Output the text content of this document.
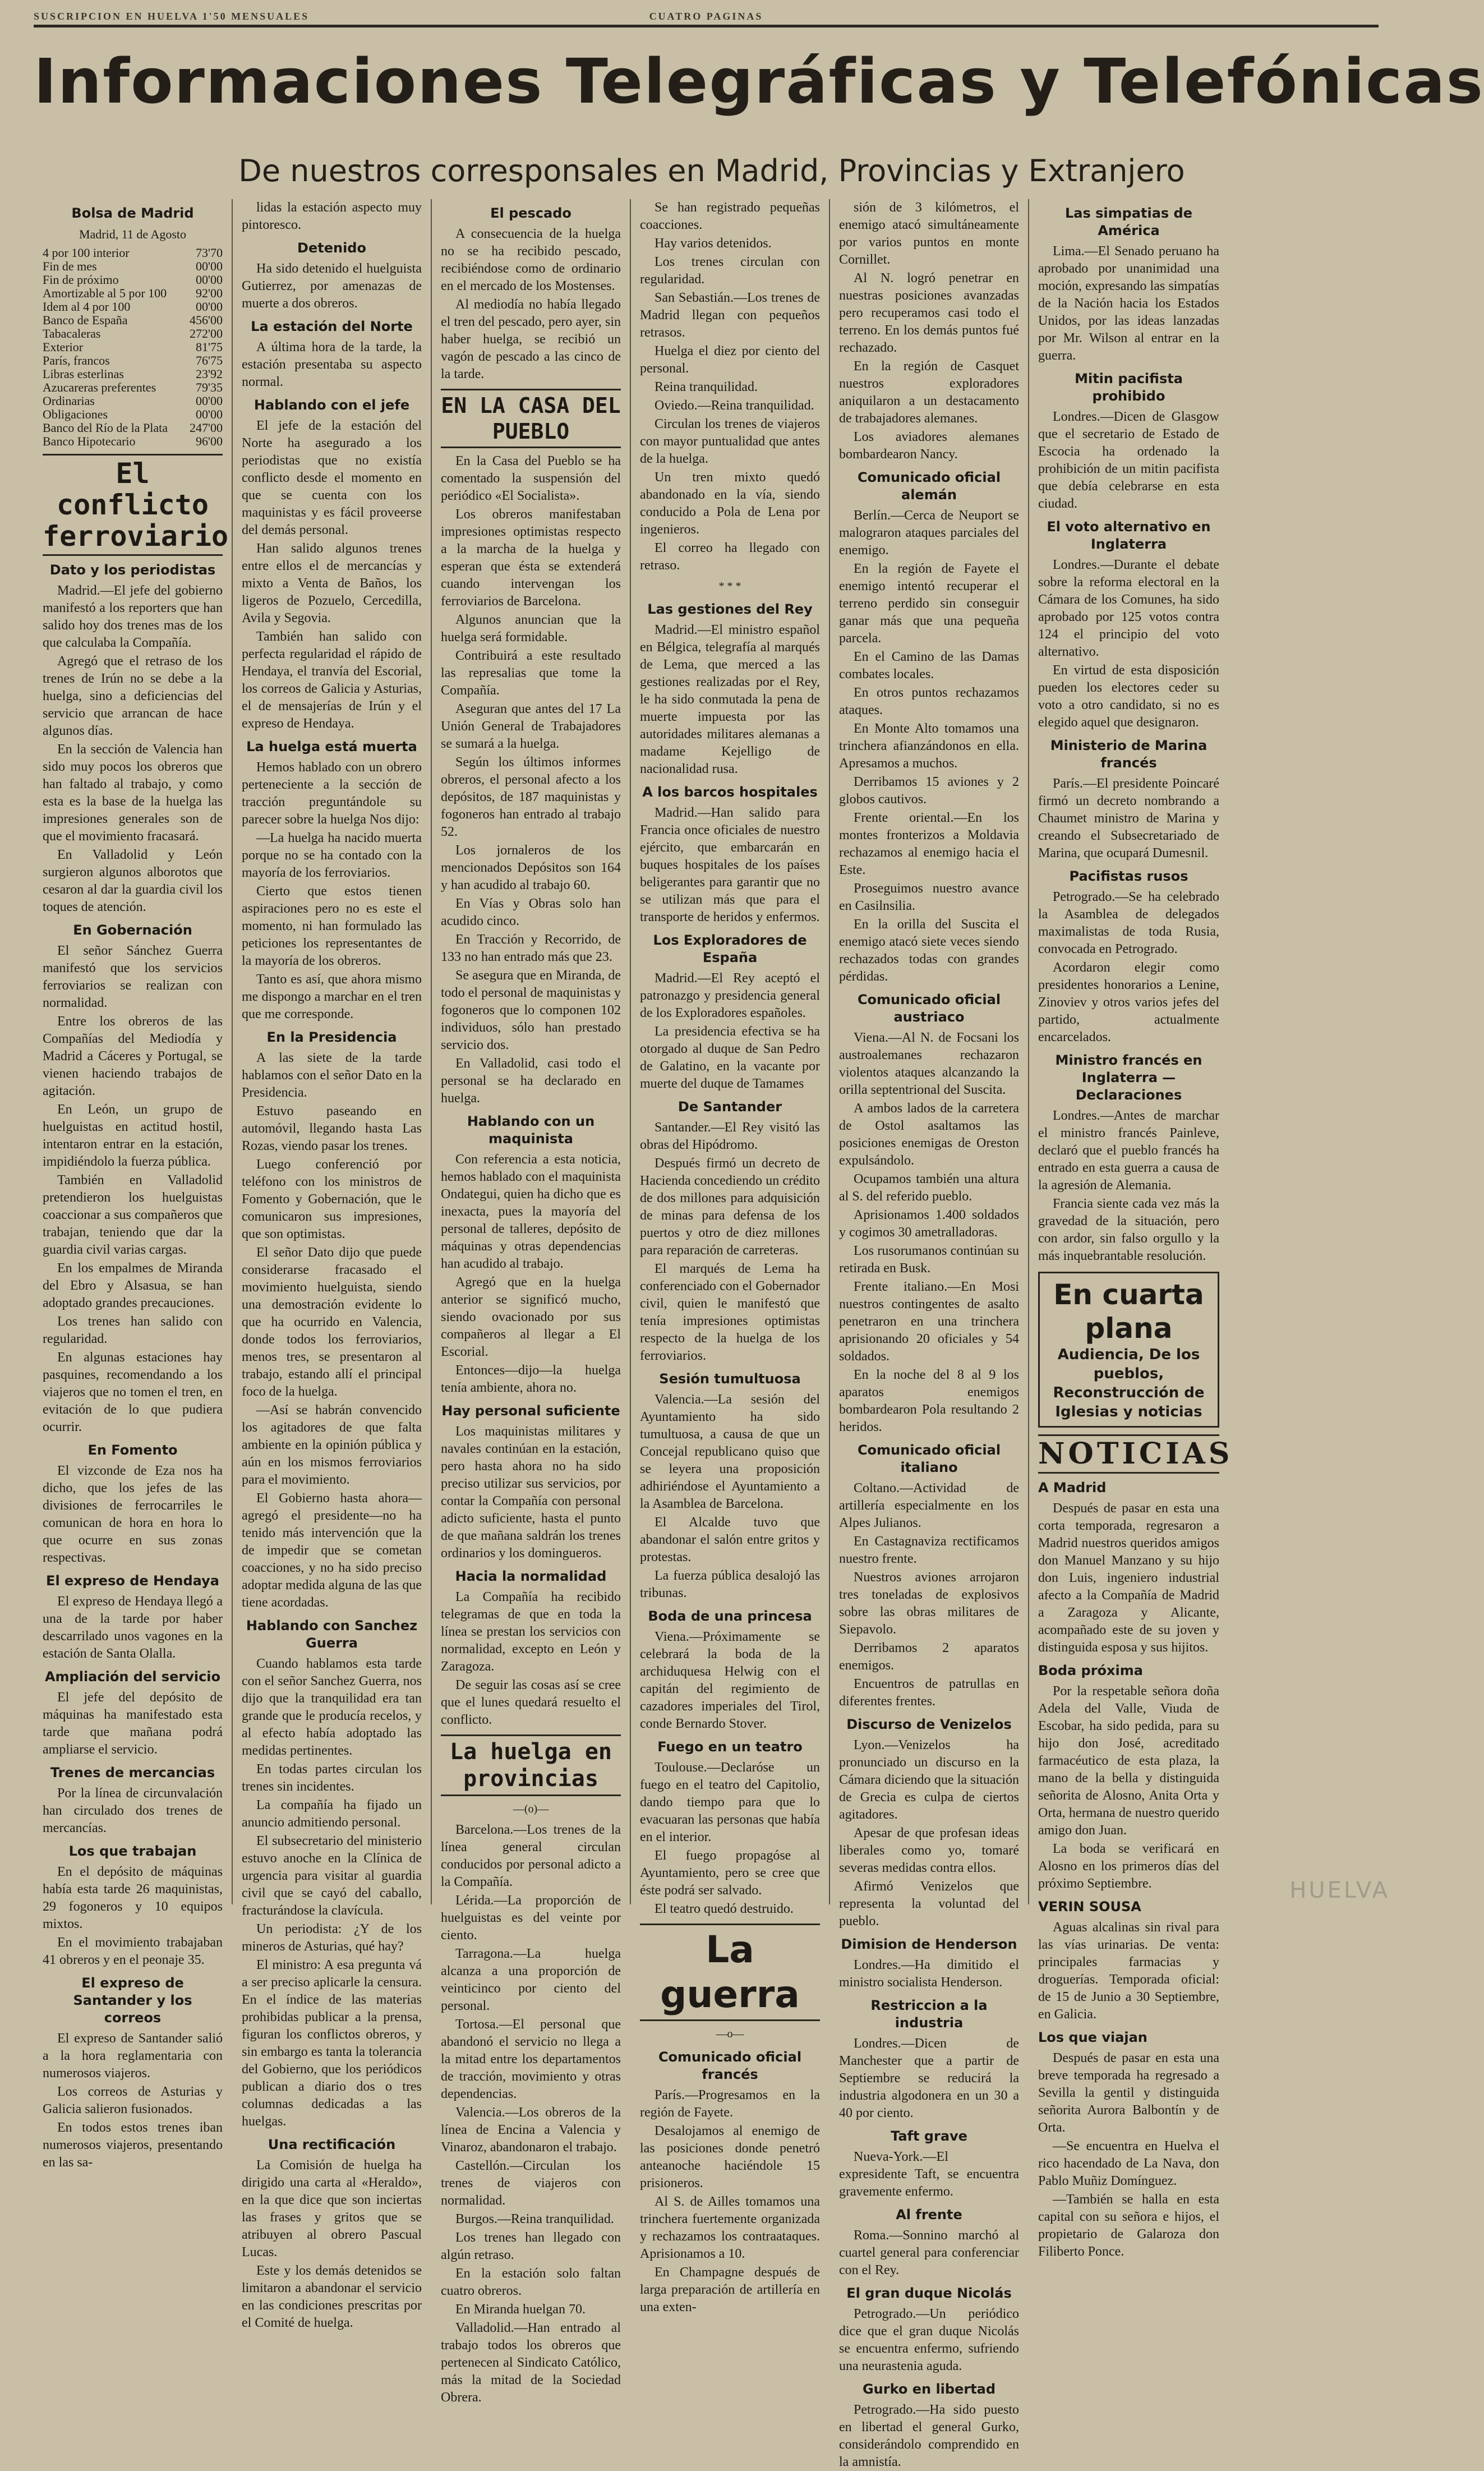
SUSCRIPCION EN HUELVA 1'50 MENSUALES	CUATRO PAGINAS
Informaciones Telegráficas y Telefónicas
De nuestros corresponsales en Madrid, Provincias y Extranjero
Bolsa de Madrid
Madrid, 11 de Agosto
4 por 100 interior	73'70
Fin de mes	00'00
Fin de próximo	00'00
Amortizable al 5 por 100	92'00
Idem al 4 por 100	00'00
Banco de España	456'00
Tabacaleras	272'00
Exterior	81'75
París, francos	76'75
Libras esterlinas	23'92
Azucareras preferentes	79'35
Ordinarias	00'00
Obligaciones	00'00
Banco del Río de la Plata	247'00
Banco Hipotecario	96'00
El conflicto ferroviario
Dato y los periodistas

Madrid.—El jefe del gobierno manifestó a los reporters que han salido hoy dos trenes mas de los que calculaba la Compañía.

Agregó que el retraso de los trenes de Irún no se debe a la huelga, sino a deficiencias del servicio que arrancan de hace algunos días.

En la sección de Valencia han sido muy pocos los obreros que han faltado al trabajo, y como esta es la base de la huelga las impresiones generales son de que el movimiento fracasará.

En Valladolid y León surgieron algunos alborotos que cesaron al dar la guardia civil los toques de atención.

En Gobernación

El señor Sánchez Guerra manifestó que los servicios ferroviarios se realizan con normalidad.

Entre los obreros de las Compañías del Mediodía y Madrid a Cáceres y Portugal, se vienen haciendo trabajos de agitación.

En León, un grupo de huelguistas en actitud hostil, intentaron entrar en la estación, impidiéndolo la fuerza pública.

También en Valladolid pretendieron los huelguistas coaccionar a sus compañeros que trabajan, teniendo que dar la guardia civil varias cargas.

En los empalmes de Miranda del Ebro y Alsasua, se han adoptado grandes precauciones.

Los trenes han salido con regularidad.

En algunas estaciones hay pasquines, recomendando a los viajeros que no tomen el tren, en evitación de lo que pudiera ocurrir.

En Fomento

El vizconde de Eza nos ha dicho, que los jefes de las divisiones de ferrocarriles le comunican de hora en hora lo que ocurre en sus zonas respectivas.

El expreso de Hendaya

El expreso de Hendaya llegó a una de la tarde por haber descarrilado unos vagones en la estación de Santa Olalla.

Ampliación del servicio

El jefe del depósito de máquinas ha manifestado esta tarde que mañana podrá ampliarse el servicio.

Trenes de mercancias

Por la línea de circunvalación han circulado dos trenes de mercancías.

Los que trabajan

En el depósito de máquinas había esta tarde 26 maquinistas, 29 fogoneros y 10 equipos mixtos.

En el movimiento trabajaban 41 obreros y en el peonaje 35.

El expreso de Santander y los correos

El expreso de Santander salió a la hora reglamentaria con numerosos viajeros.

Los correos de Asturias y Galicia salieron fusionados.

En todos estos trenes iban numerosos viajeros, presentando en las sa-

lidas la estación aspecto muy pintoresco.

Detenido

Ha sido detenido el huelguista Gutierrez, por amenazas de muerte a dos obreros.

La estación del Norte

A última hora de la tarde, la estación presentaba su aspecto normal.

Hablando con el jefe

El jefe de la estación del Norte ha asegurado a los periodistas que no existía conflicto desde el momento en que se cuenta con los maquinistas y es fácil proveerse del demás personal.

Han salido algunos trenes entre ellos el de mercancías y mixto a Venta de Baños, los ligeros de Pozuelo, Cercedilla, Avila y Segovia.

También han salido con perfecta regularidad el rápido de Hendaya, el tranvía del Escorial, los correos de Galicia y Asturias, el de mensajerías de Irún y el expreso de Hendaya.

La huelga está muerta

Hemos hablado con un obrero perteneciente a la sección de tracción preguntándole su parecer sobre la huelga Nos dijo:

—La huelga ha nacido muerta porque no se ha contado con la mayoría de los ferroviarios.

Cierto que estos tienen aspiraciones pero no es este el momento, ni han formulado las peticiones los representantes de la mayoría de los obreros.

Tanto es así, que ahora mismo me dispongo a marchar en el tren que me corresponde.

En la Presidencia

A las siete de la tarde hablamos con el señor Dato en la Presidencia.

Estuvo paseando en automóvil, llegando hasta Las Rozas, viendo pasar los trenes.

Luego conferenció por teléfono con los ministros de Fomento y Gobernación, que le comunicaron sus impresiones, que son optimistas.

El señor Dato dijo que puede considerarse fracasado el movimiento huelguista, siendo una demostración evidente lo que ha ocurrido en Valencia, donde todos los ferroviarios, menos tres, se presentaron al trabajo, estando allí el principal foco de la huelga.

—Así se habrán convencido los agitadores de que falta ambiente en la opinión pública y aún en los mismos ferroviarios para el movimiento.

El Gobierno hasta ahora—agregó el presidente—no ha tenido más intervención que la de impedir que se cometan coacciones, y no ha sido preciso adoptar medida alguna de las que tiene acordadas.

Hablando con Sanchez Guerra

Cuando hablamos esta tarde con el señor Sanchez Guerra, nos dijo que la tranquilidad era tan grande que le producía recelos, y al efecto había adoptado las medidas pertinentes.

En todas partes circulan los trenes sin incidentes.

La compañía ha fijado un anuncio admitiendo personal.

El subsecretario del ministerio estuvo anoche en la Clínica de urgencia para visitar al guardia civil que se cayó del caballo, fracturándose la clavícula.

Un periodista: ¿Y de los mineros de Asturias, qué hay?

El ministro: A esa pregunta vá a ser preciso aplicarle la censura. En el índice de las materias prohibidas publicar a la prensa, figuran los conflictos obreros, y sin embargo es tanta la tolerancia del Gobierno, que los periódicos publican a diario dos o tres columnas dedicadas a las huelgas.

Una rectificación

La Comisión de huelga ha dirigido una carta al «Heraldo», en la que dice que son inciertas las frases y gritos que se atribuyen al obrero Pascual Lucas.

Este y los demás detenidos se limitaron a abandonar el servicio en las condiciones prescritas por el Comité de huelga.

El pescado

A consecuencia de la huelga no se ha recibido pescado, recibiéndose como de ordinario en el mercado de los Mostenses.

Al mediodía no había llegado el tren del pescado, pero ayer, sin haber huelga, se recibió un vagón de pescado a las cinco de la tarde.

EN LA CASA DEL PUEBLO

En la Casa del Pueblo se ha comentado la suspensión del periódico «El Socialista».

Los obreros manifestaban impresiones optimistas respecto a la marcha de la huelga y esperan que ésta se extenderá cuando intervengan los ferroviarios de Barcelona.

Algunos anuncian que la huelga será formidable.

Contribuirá a este resultado las represalias que tome la Compañía.

Aseguran que antes del 17 La Unión General de Trabajadores se sumará a la huelga.

Según los últimos informes obreros, el personal afecto a los depósitos, de 187 maquinistas y fogoneros han entrado al trabajo 52.

Los jornaleros de los mencionados Depósitos son 164 y han acudido al trabajo 60.

En Vías y Obras solo han acudido cinco.

En Tracción y Recorrido, de 133 no han entrado más que 23.

Se asegura que en Miranda, de todo el personal de maquinistas y fogoneros que lo componen 102 individuos, sólo han prestado servicio dos.

En Valladolid, casi todo el personal se ha declarado en huelga.

Hablando con un maquinista

Con referencia a esta noticia, hemos hablado con el maquinista Ondategui, quien ha dicho que es inexacta, pues la mayoría del personal de talleres, depósito de máquinas y otras dependencias han acudido al trabajo.

Agregó que en la huelga anterior se significó mucho, siendo ovacionado por sus compañeros al llegar a El Escorial.

Entonces—dijo—la huelga tenía ambiente, ahora no.

Hay personal suficiente

Los maquinistas militares y navales continúan en la estación, pero hasta ahora no ha sido preciso utilizar sus servicios, por contar la Compañía con personal adicto suficiente, hasta el punto de que mañana saldrán los trenes ordinarios y los domingueros.

Hacia la normalidad

La Compañía ha recibido telegramas de que en toda la línea se prestan los servicios con normalidad, excepto en León y Zaragoza.

De seguir las cosas así se cree que el lunes quedará resuelto el conflicto.

La huelga en provincias
—(o)—

Barcelona.—Los trenes de la línea general circulan conducidos por personal adicto a la Compañía.

Lérida.—La proporción de huelguistas es del veinte por ciento.

Tarragona.—La huelga alcanza a una proporción de veinticinco por ciento del personal.

Tortosa.—El personal que abandonó el servicio no llega a la mitad entre los departamentos de tracción, movimiento y otras dependencias.

Valencia.—Los obreros de la línea de Encina a Valencia y Vinaroz, abandonaron el trabajo.

Castellón.—Circulan los trenes de viajeros con normalidad.

Burgos.—Reina tranquilidad.

Los trenes han llegado con algún retraso.

En la estación solo faltan cuatro obreros.

En Miranda huelgan 70.

Valladolid.—Han entrado al trabajo todos los obreros que pertenecen al Sindicato Católico, más la mitad de la Sociedad Obrera.

Se han registrado pequeñas coacciones.

Hay varios detenidos.

Los trenes circulan con regularidad.

San Sebastián.—Los trenes de Madrid llegan con pequeños retrasos.

Huelga el diez por ciento del personal.

Reina tranquilidad.

Oviedo.—Reina tranquilidad.

Circulan los trenes de viajeros con mayor puntualidad que antes de la huelga.

Un tren mixto quedó abandonado en la vía, siendo conducido a Pola de Lena por ingenieros.

El correo ha llegado con retraso.

* * *
Las gestiones del Rey

Madrid.—El ministro español en Bélgica, telegrafía al marqués de Lema, que merced a las gestiones realizadas por el Rey, le ha sido conmutada la pena de muerte impuesta por las autoridades militares alemanas a madame Kejelligo de nacionalidad rusa.

A los barcos hospitales

Madrid.—Han salido para Francia once oficiales de nuestro ejército, que embarcarán en buques hospitales de los países beligerantes para garantir que no se utilizan más que para el transporte de heridos y enfermos.

Los Exploradores de España

Madrid.—El Rey aceptó el patronazgo y presidencia general de los Exploradores españoles.

La presidencia efectiva se ha otorgado al duque de San Pedro de Galatino, en la vacante por muerte del duque de Tamames

De Santander

Santander.—El Rey visitó las obras del Hipódromo.

Después firmó un decreto de Hacienda concediendo un crédito de dos millones para adquisición de minas para defensa de los puertos y otro de diez millones para reparación de carreteras.

El marqués de Lema ha conferenciado con el Gobernador civil, quien le manifestó que tenía impresiones optimistas respecto de la huelga de los ferroviarios.

Sesión tumultuosa

Valencia.—La sesión del Ayuntamiento ha sido tumultuosa, a causa de que un Concejal republicano quiso que se leyera una proposición adhiriéndose el Ayuntamiento a la Asamblea de Barcelona.

El Alcalde tuvo que abandonar el salón entre gritos y protestas.

La fuerza pública desalojó las tribunas.

Boda de una princesa

Viena.—Próximamente se celebrará la boda de la archiduquesa Helwig con el capitán del regimiento de cazadores imperiales del Tirol, conde Bernardo Stover.

Fuego en un teatro

Toulouse.—Declaróse un fuego en el teatro del Capitolio, dando tiempo para que lo evacuaran las personas que había en el interior.

El fuego propagóse al Ayuntamiento, pero se cree que éste podrá ser salvado.

El teatro quedó destruido.

La guerra
—o—
Comunicado oficial francés

París.—Progresamos en la región de Fayete.

Desalojamos al enemigo de las posiciones donde penetró anteanoche haciéndole 15 prisioneros.

Al S. de Ailles tomamos una trinchera fuertemente organizada y rechazamos los contraataques. Aprisionamos a 10.

En Champagne después de larga preparación de artillería en una exten-

sión de 3 kilómetros, el enemigo atacó simultáneamente por varios puntos en monte Cornillet.

Al N. logró penetrar en nuestras posiciones avanzadas pero recuperamos casi todo el terreno. En los demás puntos fué rechazado.

En la región de Casquet nuestros exploradores aniquilaron a un destacamento de trabajadores alemanes.

Los aviadores alemanes bombardearon Nancy.

Comunicado oficial alemán

Berlín.—Cerca de Neuport se malograron ataques parciales del enemigo.

En la región de Fayete el enemigo intentó recuperar el terreno perdido sin conseguir ganar más que una pequeña parcela.

En el Camino de las Damas combates locales.

En otros puntos rechazamos ataques.

En Monte Alto tomamos una trinchera afianzándonos en ella. Apresamos a muchos.

Derribamos 15 aviones y 2 globos cautivos.

Frente oriental.—En los montes fronterizos a Moldavia rechazamos al enemigo hacia el Este.

Proseguimos nuestro avance en Casilnsilia.

En la orilla del Suscita el enemigo atacó siete veces siendo rechazados todas con grandes pérdidas.

Comunicado oficial austriaco

Viena.—Al N. de Focsani los austroalemanes rechazaron violentos ataques alcanzando la orilla septentrional del Suscita.

A ambos lados de la carretera de Ostol asaltamos las posiciones enemigas de Oreston expulsándolo.

Ocupamos también una altura al S. del referido pueblo.

Aprisionamos 1.400 soldados y cogimos 30 ametralladoras.

Los rusorumanos continúan su retirada en Busk.

Frente italiano.—En Mosi nuestros contingentes de asalto penetraron en una trinchera aprisionando 20 oficiales y 54 soldados.

En la noche del 8 al 9 los aparatos enemigos bombardearon Pola resultando 2 heridos.

Comunicado oficial italiano

Coltano.—Actividad de artillería especialmente en los Alpes Julianos.

En Castagnaviza rectificamos nuestro frente.

Nuestros aviones arrojaron tres toneladas de explosivos sobre las obras militares de Siepavolo.

Derribamos 2 aparatos enemigos.

Encuentros de patrullas en diferentes frentes.

Discurso de Venizelos

Lyon.—Venizelos ha pronunciado un discurso en la Cámara diciendo que la situación de Grecia es culpa de ciertos agitadores.

Apesar de que profesan ideas liberales como yo, tomaré severas medidas contra ellos.

Afirmó Venizelos que representa la voluntad del pueblo.

Dimision de Henderson

Londres.—Ha dimitido el ministro socialista Henderson.

Restriccion a la industria

Londres.—Dicen de Manchester que a partir de Septiembre se reducirá la industria algodonera en un 30 a 40 por ciento.

Taft grave

Nueva-York.—El expresidente Taft, se encuentra gravemente enfermo.

Al frente

Roma.—Sonnino marchó al cuartel general para conferenciar con el Rey.

El gran duque Nicolás

Petrogrado.—Un periódico dice que el gran duque Nicolás se encuentra enfermo, sufriendo una neurastenia aguda.

Gurko en libertad

Petrogrado.—Ha sido puesto en libertad el general Gurko, considerándolo comprendido en la amnistía.

Las simpatias de América

Lima.—El Senado peruano ha aprobado por unanimidad una moción, expresando las simpatías de la Nación hacia los Estados Unidos, por las ideas lanzadas por Mr. Wilson al entrar en la guerra.

Mitin pacifista prohibido

Londres.—Dicen de Glasgow que el secretario de Estado de Escocia ha ordenado la prohibición de un mitin pacifista que debía celebrarse en esta ciudad.

El voto alternativo en Inglaterra

Londres.—Durante el debate sobre la reforma electoral en la Cámara de los Comunes, ha sido aprobado por 125 votos contra 124 el principio del voto alternativo.

En virtud de esta disposición pueden los electores ceder su voto a otro candidato, si no es elegido aquel que designaron.

Ministerio de Marina francés

París.—El presidente Poincaré firmó un decreto nombrando a Chaumet ministro de Marina y creando el Subsecretariado de Marina, que ocupará Dumesnil.

Pacifistas rusos

Petrogrado.—Se ha celebrado la Asamblea de delegados maximalistas de toda Rusia, convocada en Petrogrado.

Acordaron elegir como presidentes honorarios a Lenine, Zinoviev y otros varios jefes del partido, actualmente encarcelados.

Ministro francés en Inglaterra —Declaraciones

Londres.—Antes de marchar el ministro francés Painleve, declaró que el pueblo francés ha entrado en esta guerra a causa de la agresión de Alemania.

Francia siente cada vez más la gravedad de la situación, pero con ardor, sin falso orgullo y la más inquebrantable resolución.

En cuarta plana
Audiencia, De los pueblos, Reconstrucción de Iglesias y noticias
NOTICIAS
A Madrid

Después de pasar en esta una corta temporada, regresaron a Madrid nuestros queridos amigos don Manuel Manzano y su hijo don Luis, ingeniero industrial afecto a la Compañía de Madrid a Zaragoza y Alicante, acompañado este de su joven y distinguida esposa y sus hijitos.

Boda próxima

Por la respetable señora doña Adela del Valle, Viuda de Escobar, ha sido pedida, para su hijo don José, acreditado farmacéutico de esta plaza, la mano de la bella y distinguida señorita de Alosno, Anita Orta y Orta, hermana de nuestro querido amigo don Juan.

La boda se verificará en Alosno en los primeros días del próximo Septiembre.

VERIN SOUSA

Aguas alcalinas sin rival para las vías urinarias. De venta: principales farmacias y droguerías. Temporada oficial: de 15 de Junio a 30 Septiembre, en Galicia.

Los que viajan

Después de pasar en esta una breve temporada ha regresado a Sevilla la gentil y distinguida señorita Aurora Balbontín y de Orta.

—Se encuentra en Huelva el rico hacendado de La Nava, don Pablo Muñiz Domínguez.

—También se halla en esta capital con su señora e hijos, el propietario de Galaroza don Filiberto Ponce.

HUELVA
